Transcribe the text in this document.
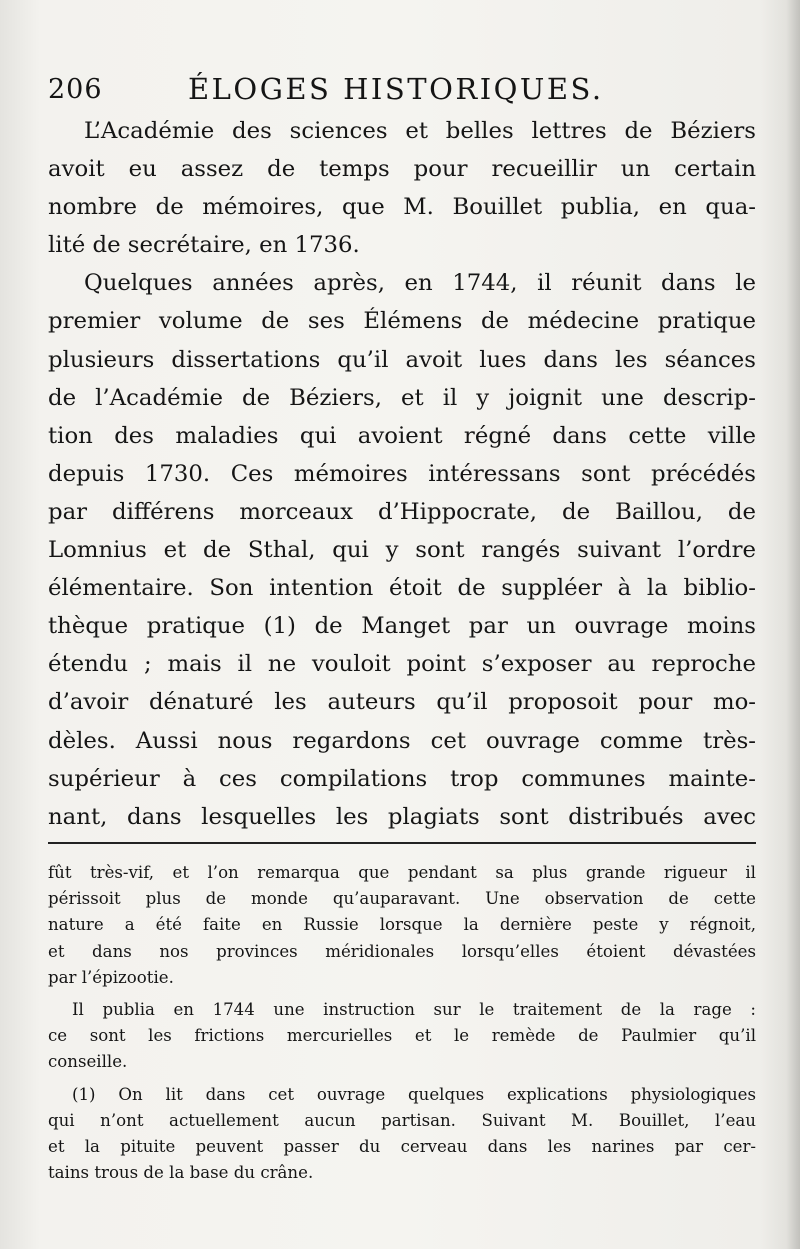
206	ÉLOGES HISTORIQUES.
L’Académie des sciences et belles lettres de Béziers
avoit eu assez de temps pour recueillir un certain
nombre de mémoires, que M. Bouillet publia, en qua-
lité de secrétaire, en 1736.
Quelques années après, en 1744, il réunit dans le
premier volume de ses Élémens de médecine pratique
plusieurs dissertations qu’il avoit lues dans les séances
de l’Académie de Béziers, et il y joignit une descrip-
tion des maladies qui avoient régné dans cette ville
depuis 1730. Ces mémoires intéressans sont précédés
par différens morceaux d’Hippocrate, de Baillou, de
Lomnius et de Sthal, qui y sont rangés suivant l’ordre
élémentaire. Son intention étoit de suppléer à la biblio-
thèque pratique (1) de Manget par un ouvrage moins
étendu ; mais il ne vouloit point s’exposer au reproche
d’avoir dénaturé les auteurs qu’il proposoit pour mo-
dèles. Aussi nous regardons cet ouvrage comme très-
supérieur à ces compilations trop communes mainte-
nant, dans lesquelles les plagiats sont distribués avec
fût très-vif, et l’on remarqua que pendant sa plus grande rigueur il
périssoit plus de monde qu’auparavant. Une observation de cette
nature a été faite en Russie lorsque la dernière peste y régnoit,
et dans nos provinces méridionales lorsqu’elles étoient dévastées
par l’épizootie.
Il publia en 1744 une instruction sur le traitement de la rage :
ce sont les frictions mercurielles et le remède de Paulmier qu’il
conseille.
(1) On lit dans cet ouvrage quelques explications physiologiques
qui n’ont actuellement aucun partisan. Suivant M. Bouillet, l’eau
et la pituite peuvent passer du cerveau dans les narines par cer-
tains trous de la base du crâne.
